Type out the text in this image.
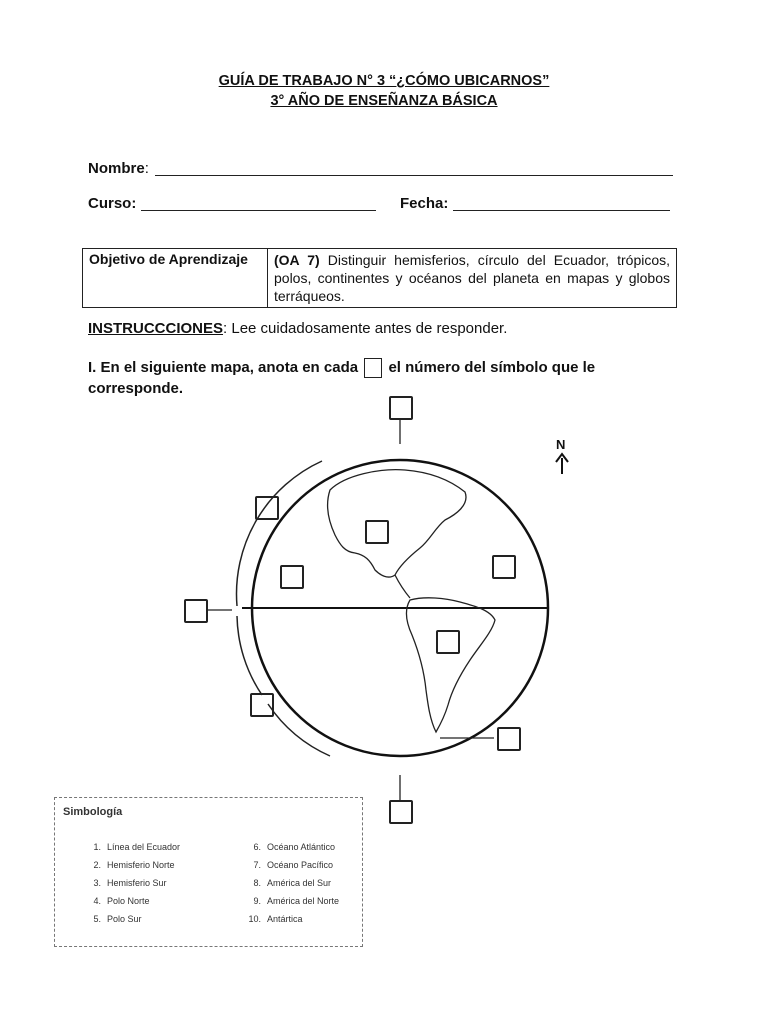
GUÍA DE TRABAJO N° 3 “¿CÓMO UBICARNOS”
3° AÑO DE ENSEÑANZA BÁSICA
Nombre:
Curso:	Fecha:
Objetivo de Aprendizaje	(OA 7) Distinguir hemisferios, círculo del Ecuador, trópicos, polos, continentes y océanos del planeta en mapas y globos terráqueos.
INSTRUCCCIONES: Lee cuidadosamente antes de responder.
I. En el siguiente mapa, anota en cada el número del símbolo que le corresponde.
N
Simbología
1. Línea del Ecuador
2. Hemisferio Norte
3. Hemisferio Sur
4. Polo Norte
5. Polo Sur
6. Océano Atlántico
7. Océano Pacífico
8. América del Sur
9. América del Norte
10. Antártica
